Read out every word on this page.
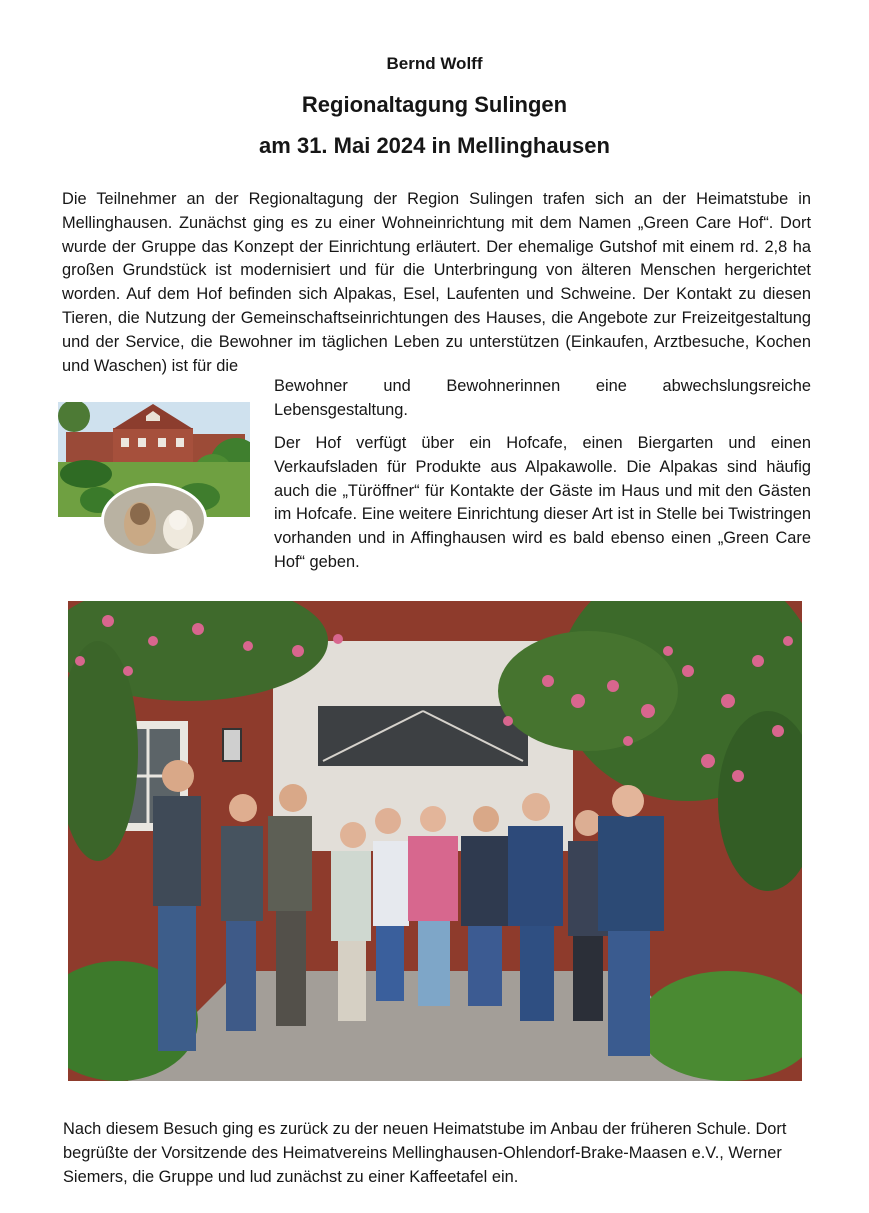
Bernd Wolff
Regionaltagung Sulingen
am 31. Mai 2024 in Mellinghausen

Die Teilnehmer an der Regionaltagung der Region Sulingen trafen sich an der Heimatstube in Mellinghausen. Zunächst ging es zu einer Wohneinrichtung mit dem Namen „Green Care Hof“. Dort wurde der Gruppe das Konzept der Einrichtung erläutert. Der ehemalige Gutshof mit einem rd. 2,8 ha großen Grundstück ist modernisiert und für die Unterbringung von älteren Menschen hergerichtet worden. Auf dem Hof befinden sich Alpakas, Esel, Laufenten und Schweine. Der Kontakt zu diesen Tieren, die Nutzung der Gemeinschaftseinrichtungen des Hauses, die Angebote zur Freizeitgestaltung und der Service, die Bewohner im täglichen Leben zu unterstützen (Einkaufen, Arztbesuche, Kochen und Waschen) ist für die

Bewohner und Bewohnerinnen eine abwechslungsreiche Lebensgestaltung.

Der Hof verfügt über ein Hofcafe, einen Biergarten und einen Verkaufsladen für Produkte aus Alpakawolle. Die Alpakas sind häufig auch die „Türöffner“ für Kontakte der Gäste im Haus und mit den Gästen im Hofcafe. Eine weitere Einrichtung dieser Art ist in Stelle bei Twistringen vorhanden und in Affinghausen wird es bald ebenso einen „Green Care Hof“ geben.

Nach diesem Besuch ging es zurück zu der neuen Heimatstube im Anbau der früheren Schule. Dort begrüßte der Vorsitzende des Heimatvereins Mellinghausen-Ohlendorf-Brake-Maasen e.V., Werner Siemers, die Gruppe und lud zunächst zu einer Kaffeetafel ein.
